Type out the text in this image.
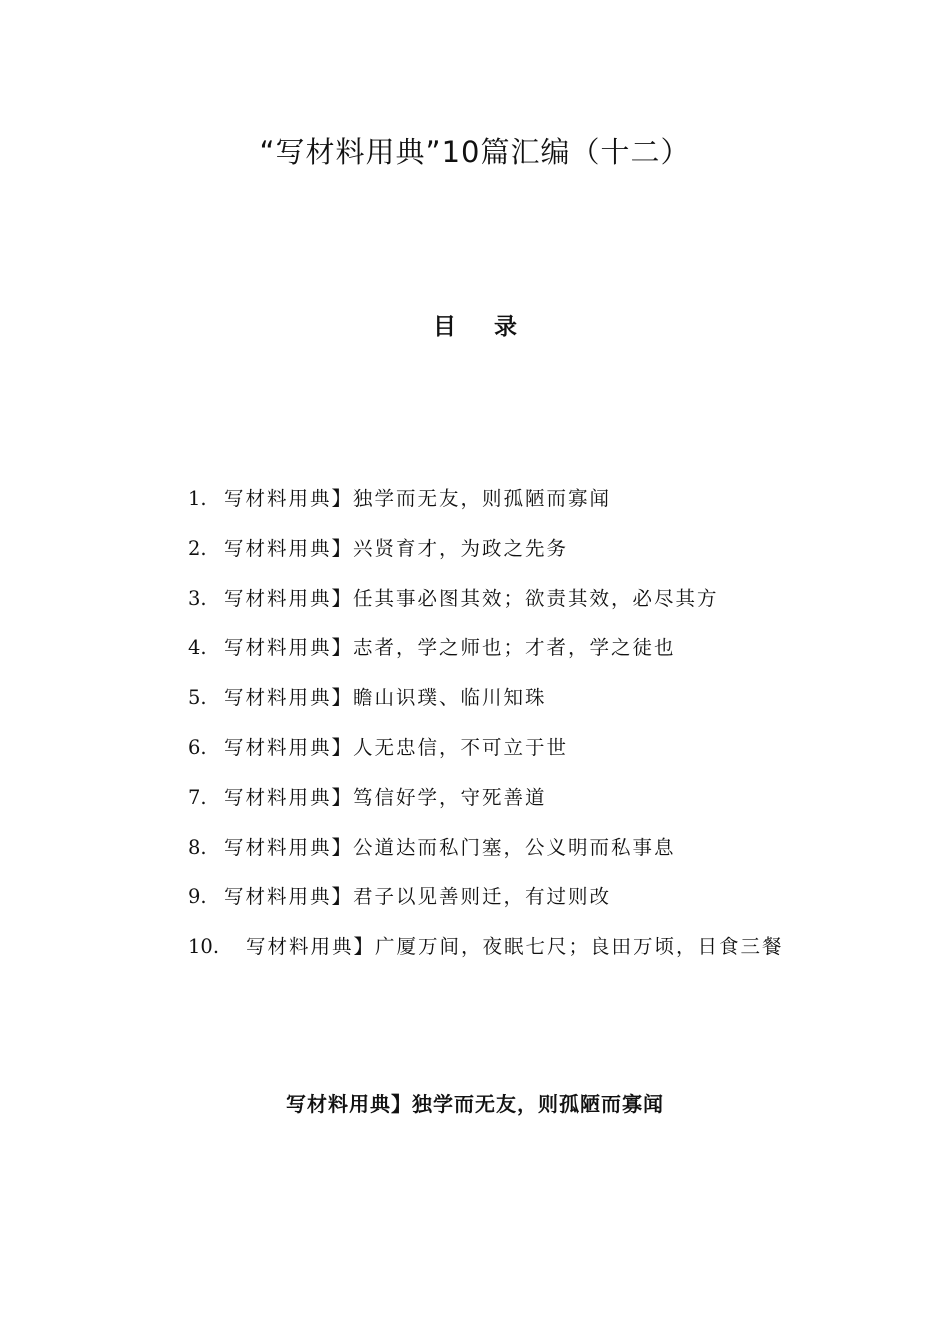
“写材料用典”10篇汇编（十二）
目录
1. 写材料用典】独学而无友，则孤陋而寡闻
2. 写材料用典】兴贤育才，为政之先务
3. 写材料用典】任其事必图其效；欲责其效，必尽其方
4. 写材料用典】志者，学之师也；才者，学之徒也
5. 写材料用典】瞻山识璞、临川知珠
6. 写材料用典】人无忠信，不可立于世
7. 写材料用典】笃信好学，守死善道
8. 写材料用典】公道达而私门塞，公义明而私事息
9. 写材料用典】君子以见善则迁，有过则改
10. 写材料用典】广厦万间，夜眠七尺；良田万顷，日食三餐
写材料用典】独学而无友，则孤陋而寡闻
